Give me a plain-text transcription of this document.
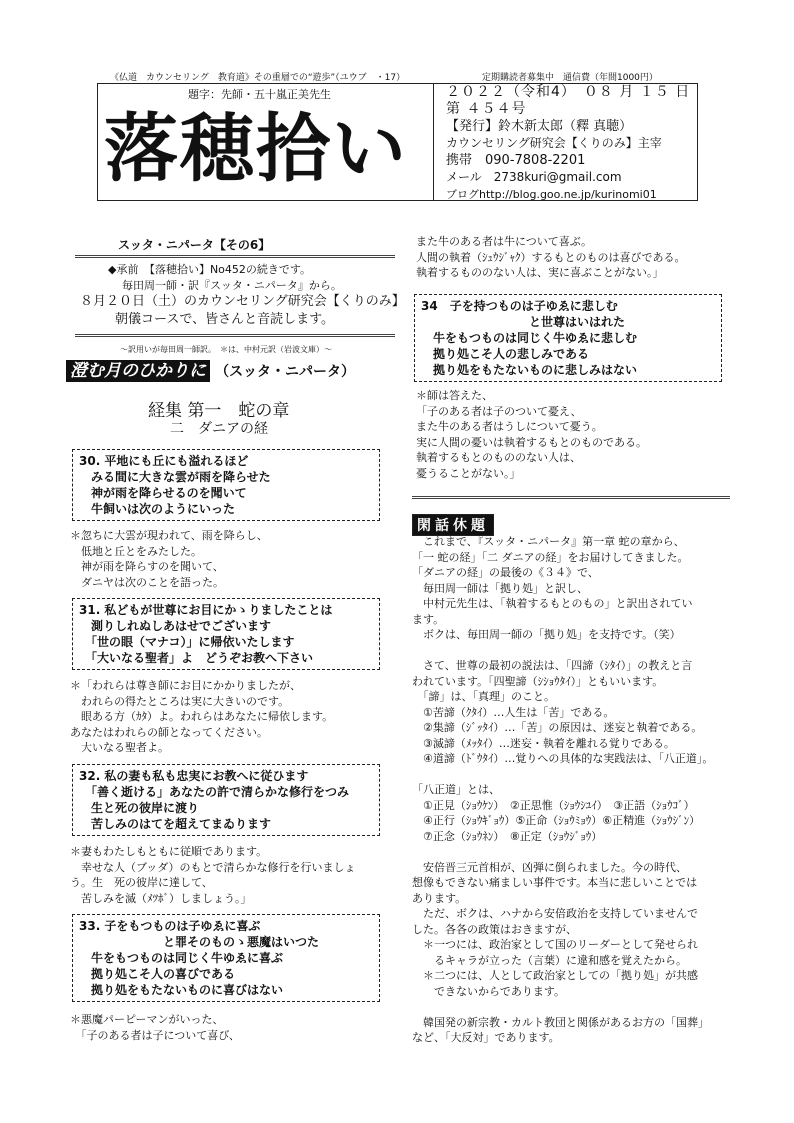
《仏道　カウンセリング　教育道》その重層での“遊歩”（ユウブ　・17）	定期購読者募集中　通信費（年間1000円）
題字：先師・五十嵐正美先生
落穂拾い
２０２２（令和4）　０８ 月 １５ 日
第 ４５４号
【発行】鈴木新太郎（釋 真聴）
カウンセリング研究会【くりのみ】主宰
携帯　090-7808-2201
メール　2738kuri@gmail.com
ブログhttp://blog.goo.ne.jp/kurinomi01
スッタ・ニパータ【その6】
◆承前　【落穂拾い】No452の続きです。
毎田周一師・訳『スッタ・ニパータ』から。
８月２０日（土）のカウンセリング研究会【くりのみ】
朝儀コースで、皆さんと音読します。
～訳用いが毎田周一師訳。　＊は、中村元訳（岩波文庫）～
澄む月のひかりに （スッタ・ニパータ）
経集 第一　蛇の章
二　ダニアの経
30. 平地にも丘にも溢れるほど
　みる間に大きな雲が雨を降らせた
　神が雨を降らせるのを聞いて
　牛飼いは次のようにいった
＊忽ちに大雲が現われて、雨を降らし、
　低地と丘とをみたした。
　神が雨を降らすのを聞いて、
　ダニヤは次のことを語った。
31. 私どもが世尊にお目にかゝりましたことは
　測りしれぬしあはせでございます
　「世の眼（マナコ）」に帰依いたします
　「大いなる聖者」よ　どうぞお教へ下さい
＊「われらは尊き師にお目にかかりましたが、
　われらの得たところは実に大きいのです。
　眼ある方（ｶﾀ）よ。われらはあなたに帰依します。
あなたはわれらの師となってください。
　大いなる聖者よ。
32. 私の妻も私も忠実にお教へに従ひます
　「善く逝ける」あなたの許で清らかな修行をつみ
　生と死の彼岸に渡り
　苦しみのはてを超えてまゐります
＊妻もわたしもともに従順であります。
　幸せな人（ブッダ）のもとで清らかな修行を行いましょ
う。生　死の彼岸に達して、
　苦しみを滅（ﾒﾂﾎﾞ）しましょう。」
33. 子をもつものは子ゆゑに喜ぶ
　　　　　　　と罪そのものゝ悪魔はいつた
　牛をもつものは同じく牛ゆゑに喜ぶ
　拠り処こそ人の喜びである
　拠り処をもたないものに喜びはない
＊悪魔パーピーマンがいった、
　「子のある者は子について喜び、
また牛のある者は牛について喜ぶ。
人間の執着（ｼｭｳｼﾞｬｸ）するもとのものは喜びである。
執着するもののない人は、実に喜ぶことがない。」
34　子を持つものは子ゆゑに悲しむ
　　　　　　　　　と世尊はいはれた
　牛をもつものは同じく牛ゆゑに悲しむ
　拠り処こそ人の悲しみである
　拠り処をもたないものに悲しみはない
＊師は答えた、
「子のある者は子のついて憂え、
また牛のある者はうしについて憂う。
実に人間の憂いは執着するもとのものである。
執着するもとのもののない人は、
憂うることがない。」
閑話休題
　これまで、『スッタ・ニパータ』第一章 蛇の章から、
「一 蛇の経」「二 ダニアの経」をお届けしてきました。
「ダニアの経」の最後の《３４》で、
　毎田周一師は「拠り処」と訳し、
　中村元先生は、「執着するもとのもの」と訳出されてい
ます。
　ボクは、毎田周一師の「拠り処」を支持です。（笑）

　さて、世尊の最初の説法は、「四諦（ｼﾀｲ）」の教えと言
われています。「四聖諦（ｼｼｮｳﾀｲ）」ともいいます。
　「諦」は、「真理」のこと。
　①苦諦（ｸﾀｲ）…人生は「苦」である。
　②集諦（ｼﾞｯﾀｲ）…「苦」の原因は、迷妄と執着である。
　③滅諦（ﾒｯﾀｲ）…迷妄・執着を離れる覚りである。
　④道諦（ﾄﾞｳﾀｲ）…覚りへの具体的な実践法は、「八正道」。

「八正道」とは、
　①正見（ｼｮｳｹﾝ）　②正思惟（ｼｮｳｼﾕｲ）　③正語（ｼｮｳｺﾞ）
　④正行（ｼｮｳｷﾞｮｳ）⑤正命（ｼｮｳﾐｮｳ）⑥正精進（ｼｮｳｼﾞﾝ）
　⑦正念（ｼｮｳﾈﾝ）　⑧正定（ｼｮｳｼﾞｮｳ）

　安倍晋三元首相が、凶弾に倒られました。今の時代、
想像もできない痛ましい事件です。本当に悲しいことでは
あります。
　ただ、ボクは、ハナから安倍政治を支持していませんで
した。各各の政策はおきますが、
　＊一つには、政治家として国のリーダーとして発せられ
　　るキャラが立った（言葉）に違和感を覚えたから。
　＊二つには、人として政治家としての「拠り処」が共感
　　できないからであります。

　韓国発の新宗教・カルト教団と関係があるお方の「国葬」
など、「大反対」であります。
